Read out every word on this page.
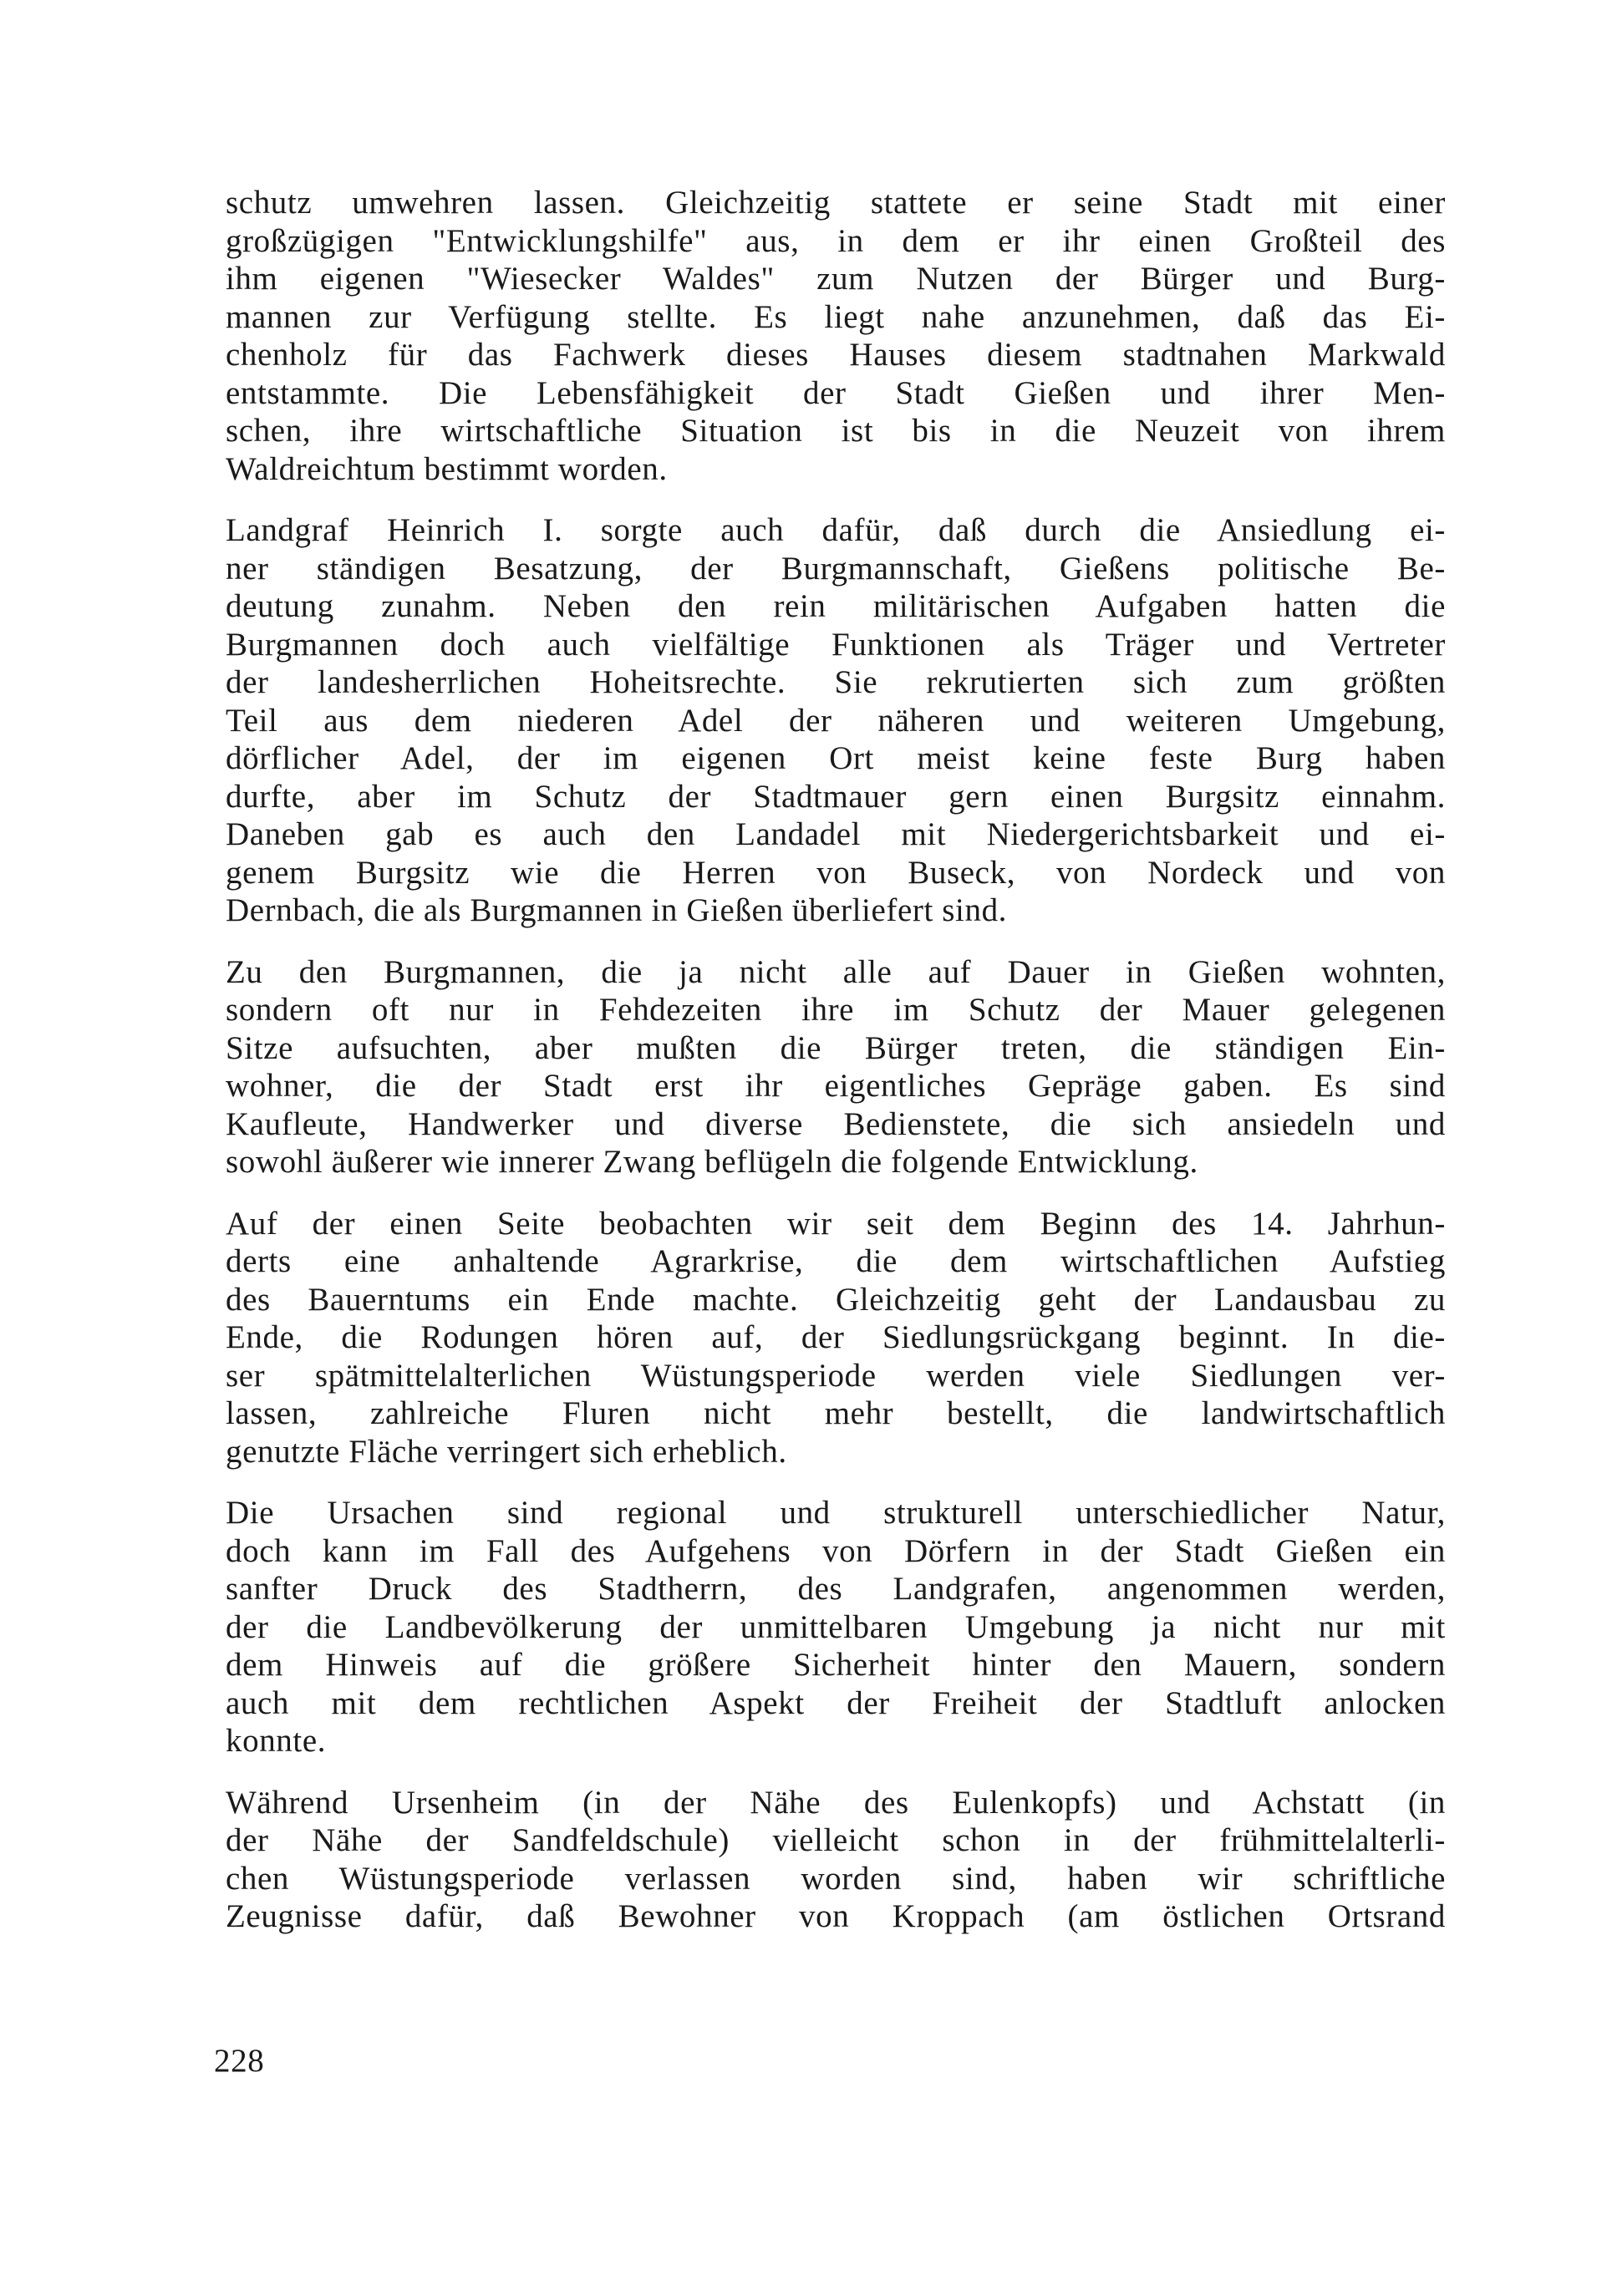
schutz umwehren lassen. Gleichzeitig stattete er seine Stadt mit einer
großzügigen "Entwicklungshilfe" aus, in dem er ihr einen Großteil des
ihm eigenen "Wiesecker Waldes" zum Nutzen der Bürger und Burg-
mannen zur Verfügung stellte. Es liegt nahe anzunehmen, daß das Ei-
chenholz für das Fachwerk dieses Hauses diesem stadtnahen Markwald
entstammte. Die Lebensfähigkeit der Stadt Gießen und ihrer Men-
schen, ihre wirtschaftliche Situation ist bis in die Neuzeit von ihrem
Waldreichtum bestimmt worden.
Landgraf Heinrich I. sorgte auch dafür, daß durch die Ansiedlung ei-
ner ständigen Besatzung, der Burgmannschaft, Gießens politische Be-
deutung zunahm. Neben den rein militärischen Aufgaben hatten die
Burgmannen doch auch vielfältige Funktionen als Träger und Vertreter
der landesherrlichen Hoheitsrechte. Sie rekrutierten sich zum größten
Teil aus dem niederen Adel der näheren und weiteren Umgebung,
dörflicher Adel, der im eigenen Ort meist keine feste Burg haben
durfte, aber im Schutz der Stadtmauer gern einen Burgsitz einnahm.
Daneben gab es auch den Landadel mit Niedergerichtsbarkeit und ei-
genem Burgsitz wie die Herren von Buseck, von Nordeck und von
Dernbach, die als Burgmannen in Gießen überliefert sind.
Zu den Burgmannen, die ja nicht alle auf Dauer in Gießen wohnten,
sondern oft nur in Fehdezeiten ihre im Schutz der Mauer gelegenen
Sitze aufsuchten, aber mußten die Bürger treten, die ständigen Ein-
wohner, die der Stadt erst ihr eigentliches Gepräge gaben. Es sind
Kaufleute, Handwerker und diverse Bedienstete, die sich ansiedeln und
sowohl äußerer wie innerer Zwang beflügeln die folgende Entwicklung.
Auf der einen Seite beobachten wir seit dem Beginn des 14. Jahrhun-
derts eine anhaltende Agrarkrise, die dem wirtschaftlichen Aufstieg
des Bauerntums ein Ende machte. Gleichzeitig geht der Landausbau zu
Ende, die Rodungen hören auf, der Siedlungsrückgang beginnt. In die-
ser spätmittelalterlichen Wüstungsperiode werden viele Siedlungen ver-
lassen, zahlreiche Fluren nicht mehr bestellt, die landwirtschaftlich
genutzte Fläche verringert sich erheblich.
Die Ursachen sind regional und strukturell unterschiedlicher Natur,
doch kann im Fall des Aufgehens von Dörfern in der Stadt Gießen ein
sanfter Druck des Stadtherrn, des Landgrafen, angenommen werden,
der die Landbevölkerung der unmittelbaren Umgebung ja nicht nur mit
dem Hinweis auf die größere Sicherheit hinter den Mauern, sondern
auch mit dem rechtlichen Aspekt der Freiheit der Stadtluft anlocken
konnte.
Während Ursenheim (in der Nähe des Eulenkopfs) und Achstatt (in
der Nähe der Sandfeldschule) vielleicht schon in der frühmittelalterli-
chen Wüstungsperiode verlassen worden sind, haben wir schriftliche
Zeugnisse dafür, daß Bewohner von Kroppach (am östlichen Ortsrand
228
